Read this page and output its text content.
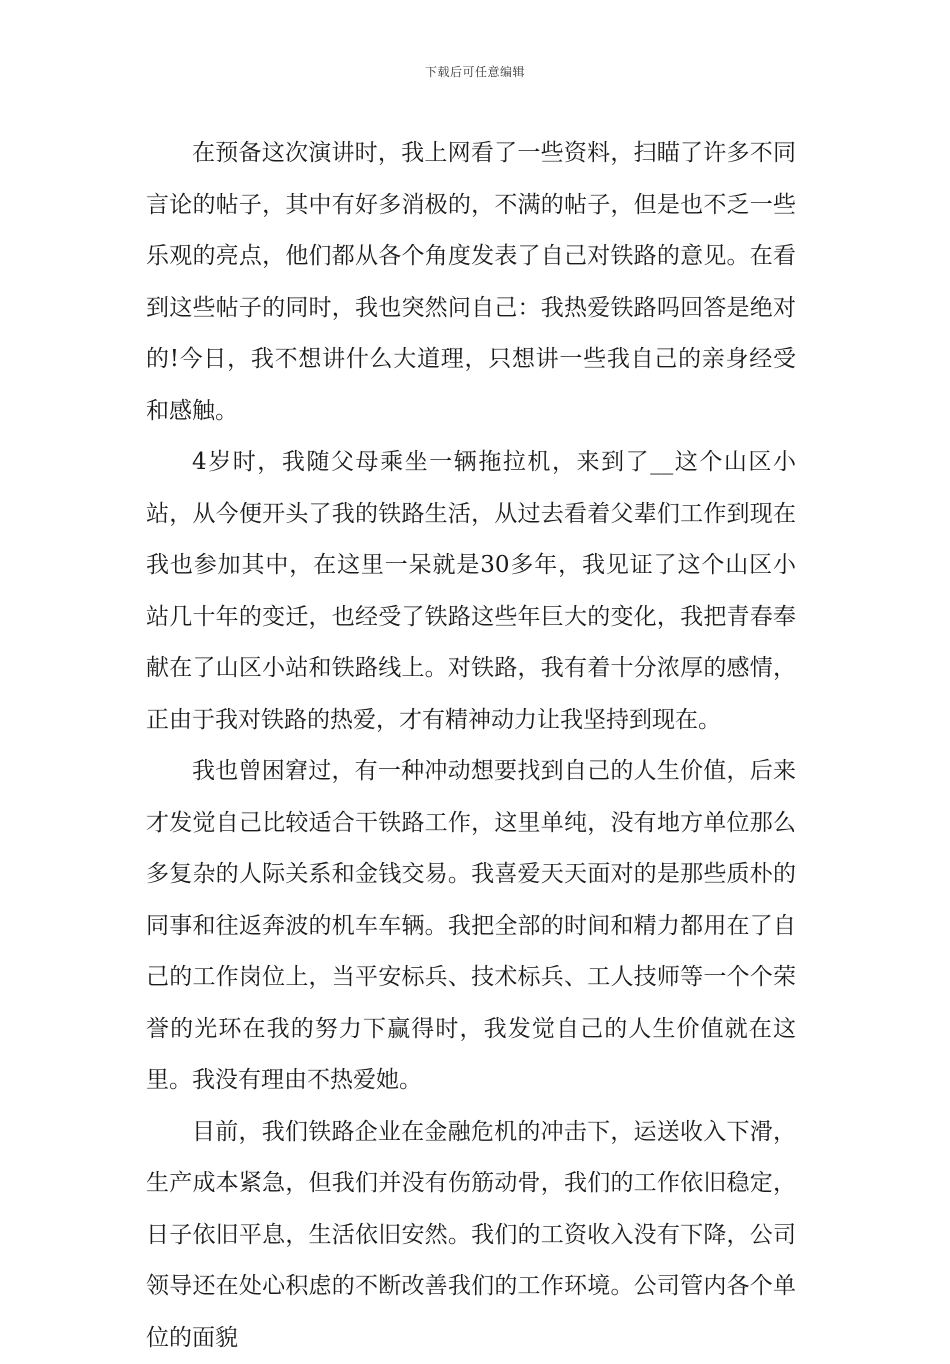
下载后可任意编辑

在预备这次演讲时，我上网看了一些资料，扫瞄了许多不同言论的帖子，其中有好多消极的，不满的帖子，但是也不乏一些乐观的亮点，他们都从各个角度发表了自己对铁路的意见。在看到这些帖子的同时，我也突然问自己：我热爱铁路吗回答是绝对的!今日，我不想讲什么大道理，只想讲一些我自己的亲身经受和感触。

4岁时，我随父母乘坐一辆拖拉机，来到了__这个山区小站，从今便开头了我的铁路生活，从过去看着父辈们工作到现在我也参加其中，在这里一呆就是30多年，我见证了这个山区小站几十年的变迁，也经受了铁路这些年巨大的变化，我把青春奉献在了山区小站和铁路线上。对铁路，我有着十分浓厚的感情，正由于我对铁路的热爱，才有精神动力让我坚持到现在。

我也曾困窘过，有一种冲动想要找到自己的人生价值，后来才发觉自己比较适合干铁路工作，这里单纯，没有地方单位那么多复杂的人际关系和金钱交易。我喜爱天天面对的是那些质朴的同事和往返奔波的机车车辆。我把全部的时间和精力都用在了自己的工作岗位上，当平安标兵、技术标兵、工人技师等一个个荣誉的光环在我的努力下赢得时，我发觉自己的人生价值就在这里。我没有理由不热爱她。

目前，我们铁路企业在金融危机的冲击下，运送收入下滑，生产成本紧急，但我们并没有伤筋动骨，我们的工作依旧稳定，日子依旧平息，生活依旧安然。我们的工资收入没有下降，公司领导还在处心积虑的不断改善我们的工作环境。公司管内各个单位的面貌
